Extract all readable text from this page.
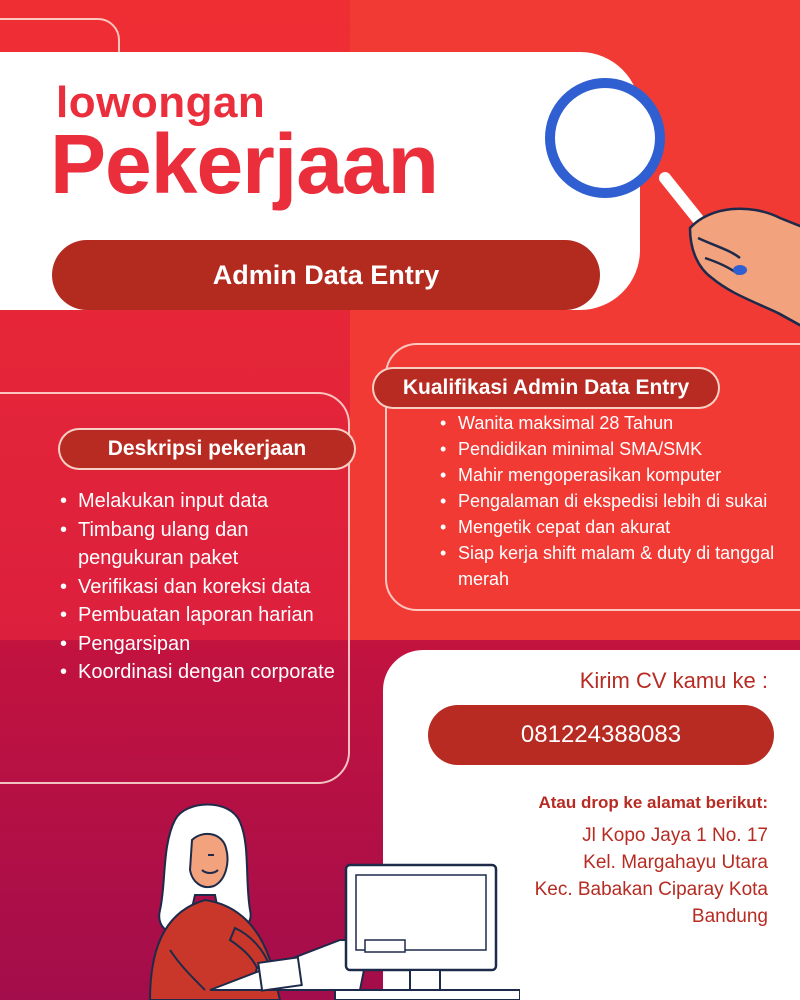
lowongan
Pekerjaan
Admin Data Entry
Deskripsi pekerjaan
• Melakukan input data
• Timbang ulang dan pengukuran paket
• Verifikasi dan koreksi data
• Pembuatan laporan harian
• Pengarsipan
• Koordinasi dengan corporate
Kualifikasi Admin Data Entry
• Wanita maksimal 28 Tahun
• Pendidikan minimal SMA/SMK
• Mahir mengoperasikan komputer
• Pengalaman di ekspedisi lebih di sukai
• Mengetik cepat dan akurat
• Siap kerja shift malam & duty di tanggal merah
Kirim CV kamu ke :
081224388083
Atau drop ke alamat berikut:
Jl Kopo Jaya 1 No. 17
Kel. Margahayu Utara
Kec. Babakan Ciparay Kota
Bandung
